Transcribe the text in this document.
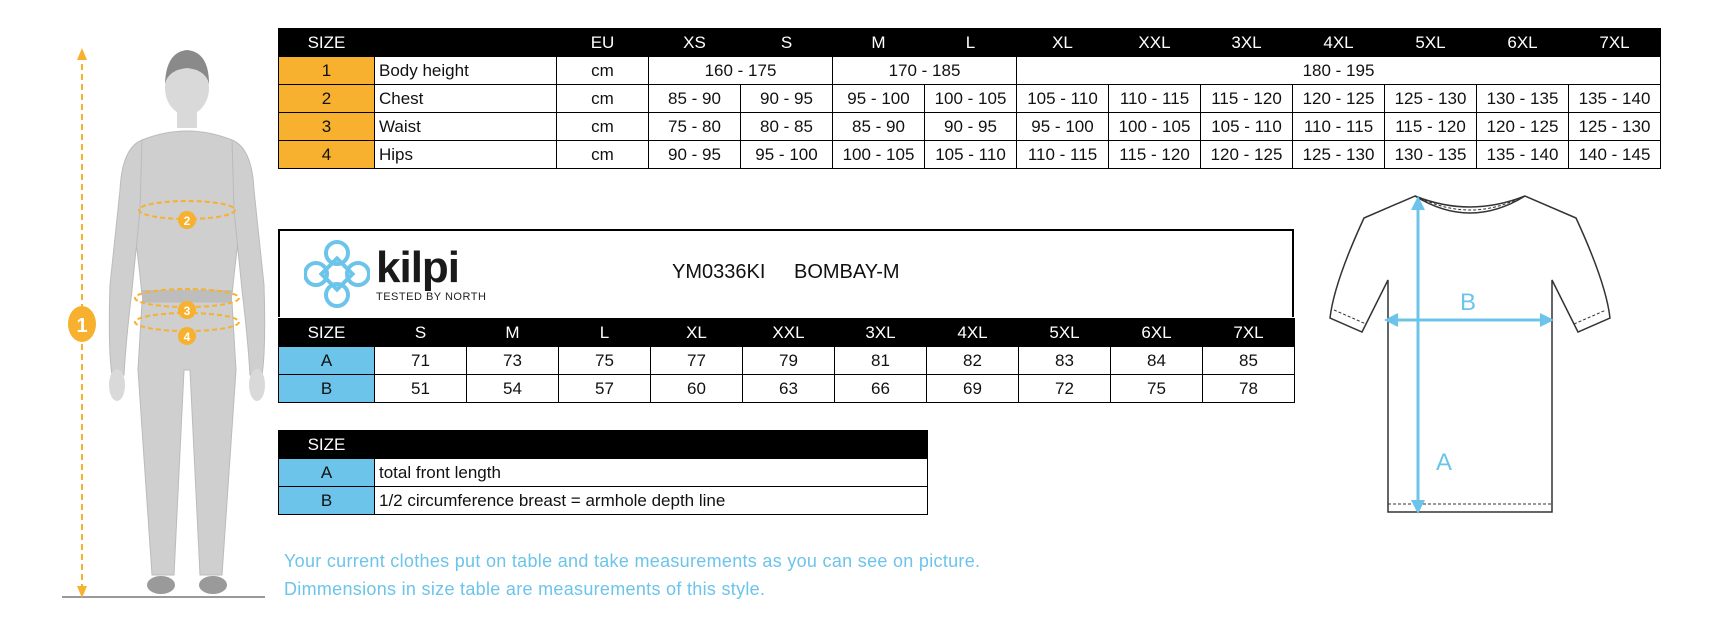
1
2
3
4
SIZE		EU	XS	S	M	L	XL	XXL	3XL	4XL	5XL	6XL	7XL
1	Body height	cm	160 - 175		170 - 185		180 - 195						
2	Chest	cm	85 - 90	90 - 95	95 - 100	100 - 105	105 - 110	110 - 115	115 - 120	120 - 125	125 - 130	130 - 135	135 - 140
3	Waist	cm	75 - 80	80 - 85	85 - 90	90 - 95	95 - 100	100 - 105	105 - 110	110 - 115	115 - 120	120 - 125	125 - 130
4	Hips	cm	90 - 95	95 - 100	100 - 105	105 - 110	110 - 115	115 - 120	120 - 125	125 - 130	130 - 135	135 - 140	140 - 145
kilpi
TESTED BY NORTH
YM0336KI BOMBAY-M
SIZE	S	M	L	XL	XXL	3XL	4XL	5XL	6XL	7XL
A	71	73	75	77	79	81	82	83	84	85
B	51	54	57	60	63	66	69	72	75	78
SIZE	
A	total front length
B	1/2 circumference breast = armhole depth line
Your current clothes put on table and take measurements as you can see on picture.
Dimmensions in size table are measurements of this style.
A
B
